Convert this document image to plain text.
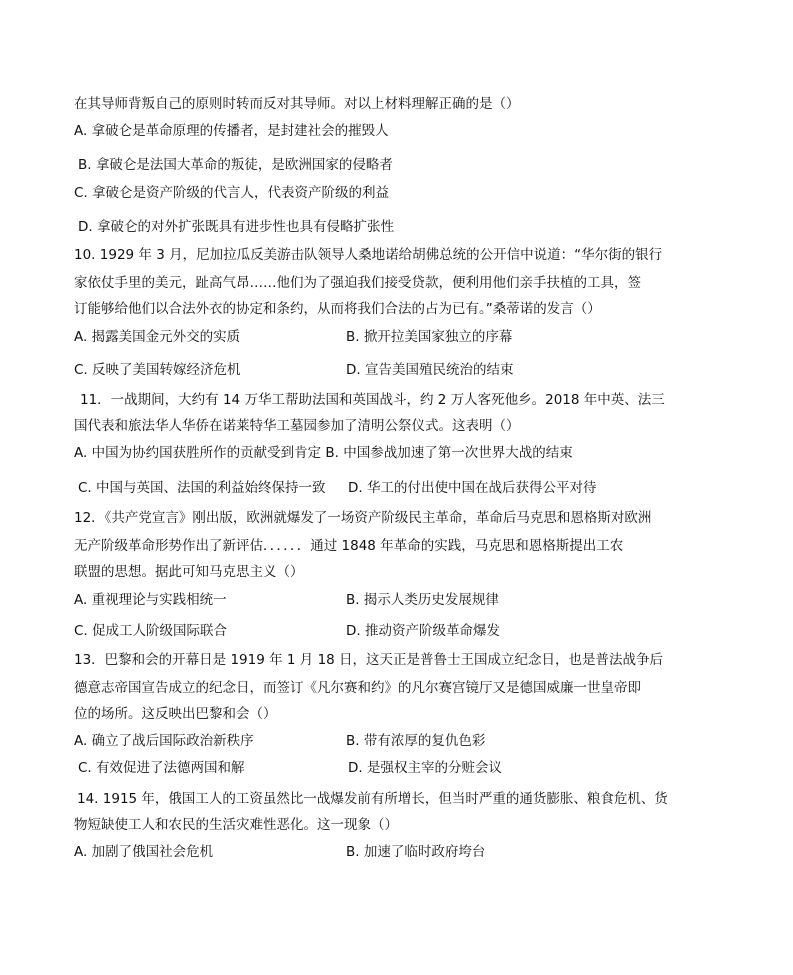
在其导师背叛自己的原则时转而反对其导师。对以上材料理解正确的是（）
A. 拿破仑是革命原理的传播者，是封建社会的摧毁人
B. 拿破仑是法国大革命的叛徒，是欧洲国家的侵略者
C. 拿破仑是资产阶级的代言人，代表资产阶级的利益
D. 拿破仑的对外扩张既具有进步性也具有侵略扩张性
10. 1929 年 3 月，尼加拉瓜反美游击队领导人桑地诺给胡佛总统的公开信中说道：“华尔街的银行
家依仗手里的美元，趾高气昂……他们为了强迫我们接受贷款，便利用他们亲手扶植的工具，签
订能够给他们以合法外衣的协定和条约，从而将我们合法的占为已有。”桑蒂诺的发言（）
A. 揭露美国金元外交的实质	B. 掀开拉美国家独立的序幕
C. 反映了美国转嫁经济危机	D. 宣告美国殖民统治的结束
11．一战期间，大约有 14 万华工帮助法国和英国战斗，约 2 万人客死他乡。2018 年中英、法三
国代表和旅法华人华侨在诺莱特华工墓园参加了清明公祭仪式。这表明（）
A. 中国为协约国获胜所作的贡献受到肯定 B. 中国参战加速了第一次世界大战的结束
C. 中国与英国、法国的利益始终保持一致 D. 华工的付出使中国在战后获得公平对待
12．《共产党宣言》刚出版，欧洲就爆发了一场资产阶级民主革命，革命后马克思和恩格斯对欧洲
无产阶级革命形势作出了新评估．．．．．．通过 1848 年革命的实践，马克思和恩格斯提出工农
联盟的思想。据此可知马克思主义（）
A. 重视理论与实践相统一	B. 揭示人类历史发展规律
C. 促成工人阶级国际联合	D. 推动资产阶级革命爆发
13．巴黎和会的开幕日是 1919 年 1 月 18 日，这天正是普鲁士王国成立纪念日，也是普法战争后
德意志帝国宣告成立的纪念日，而签订《凡尔赛和约》的凡尔赛宫镜厅又是德国威廉一世皇帝即
位的场所。这反映出巴黎和会（）
A. 确立了战后国际政治新秩序	B. 带有浓厚的复仇色彩
C. 有效促进了法德两国和解	D. 是强权主宰的分赃会议
14. 1915 年，俄国工人的工资虽然比一战爆发前有所增长，但当时严重的通货膨胀、粮食危机、货
物短缺使工人和农民的生活灾难性恶化。这一现象（）
A. 加剧了俄国社会危机	B. 加速了临时政府垮台
